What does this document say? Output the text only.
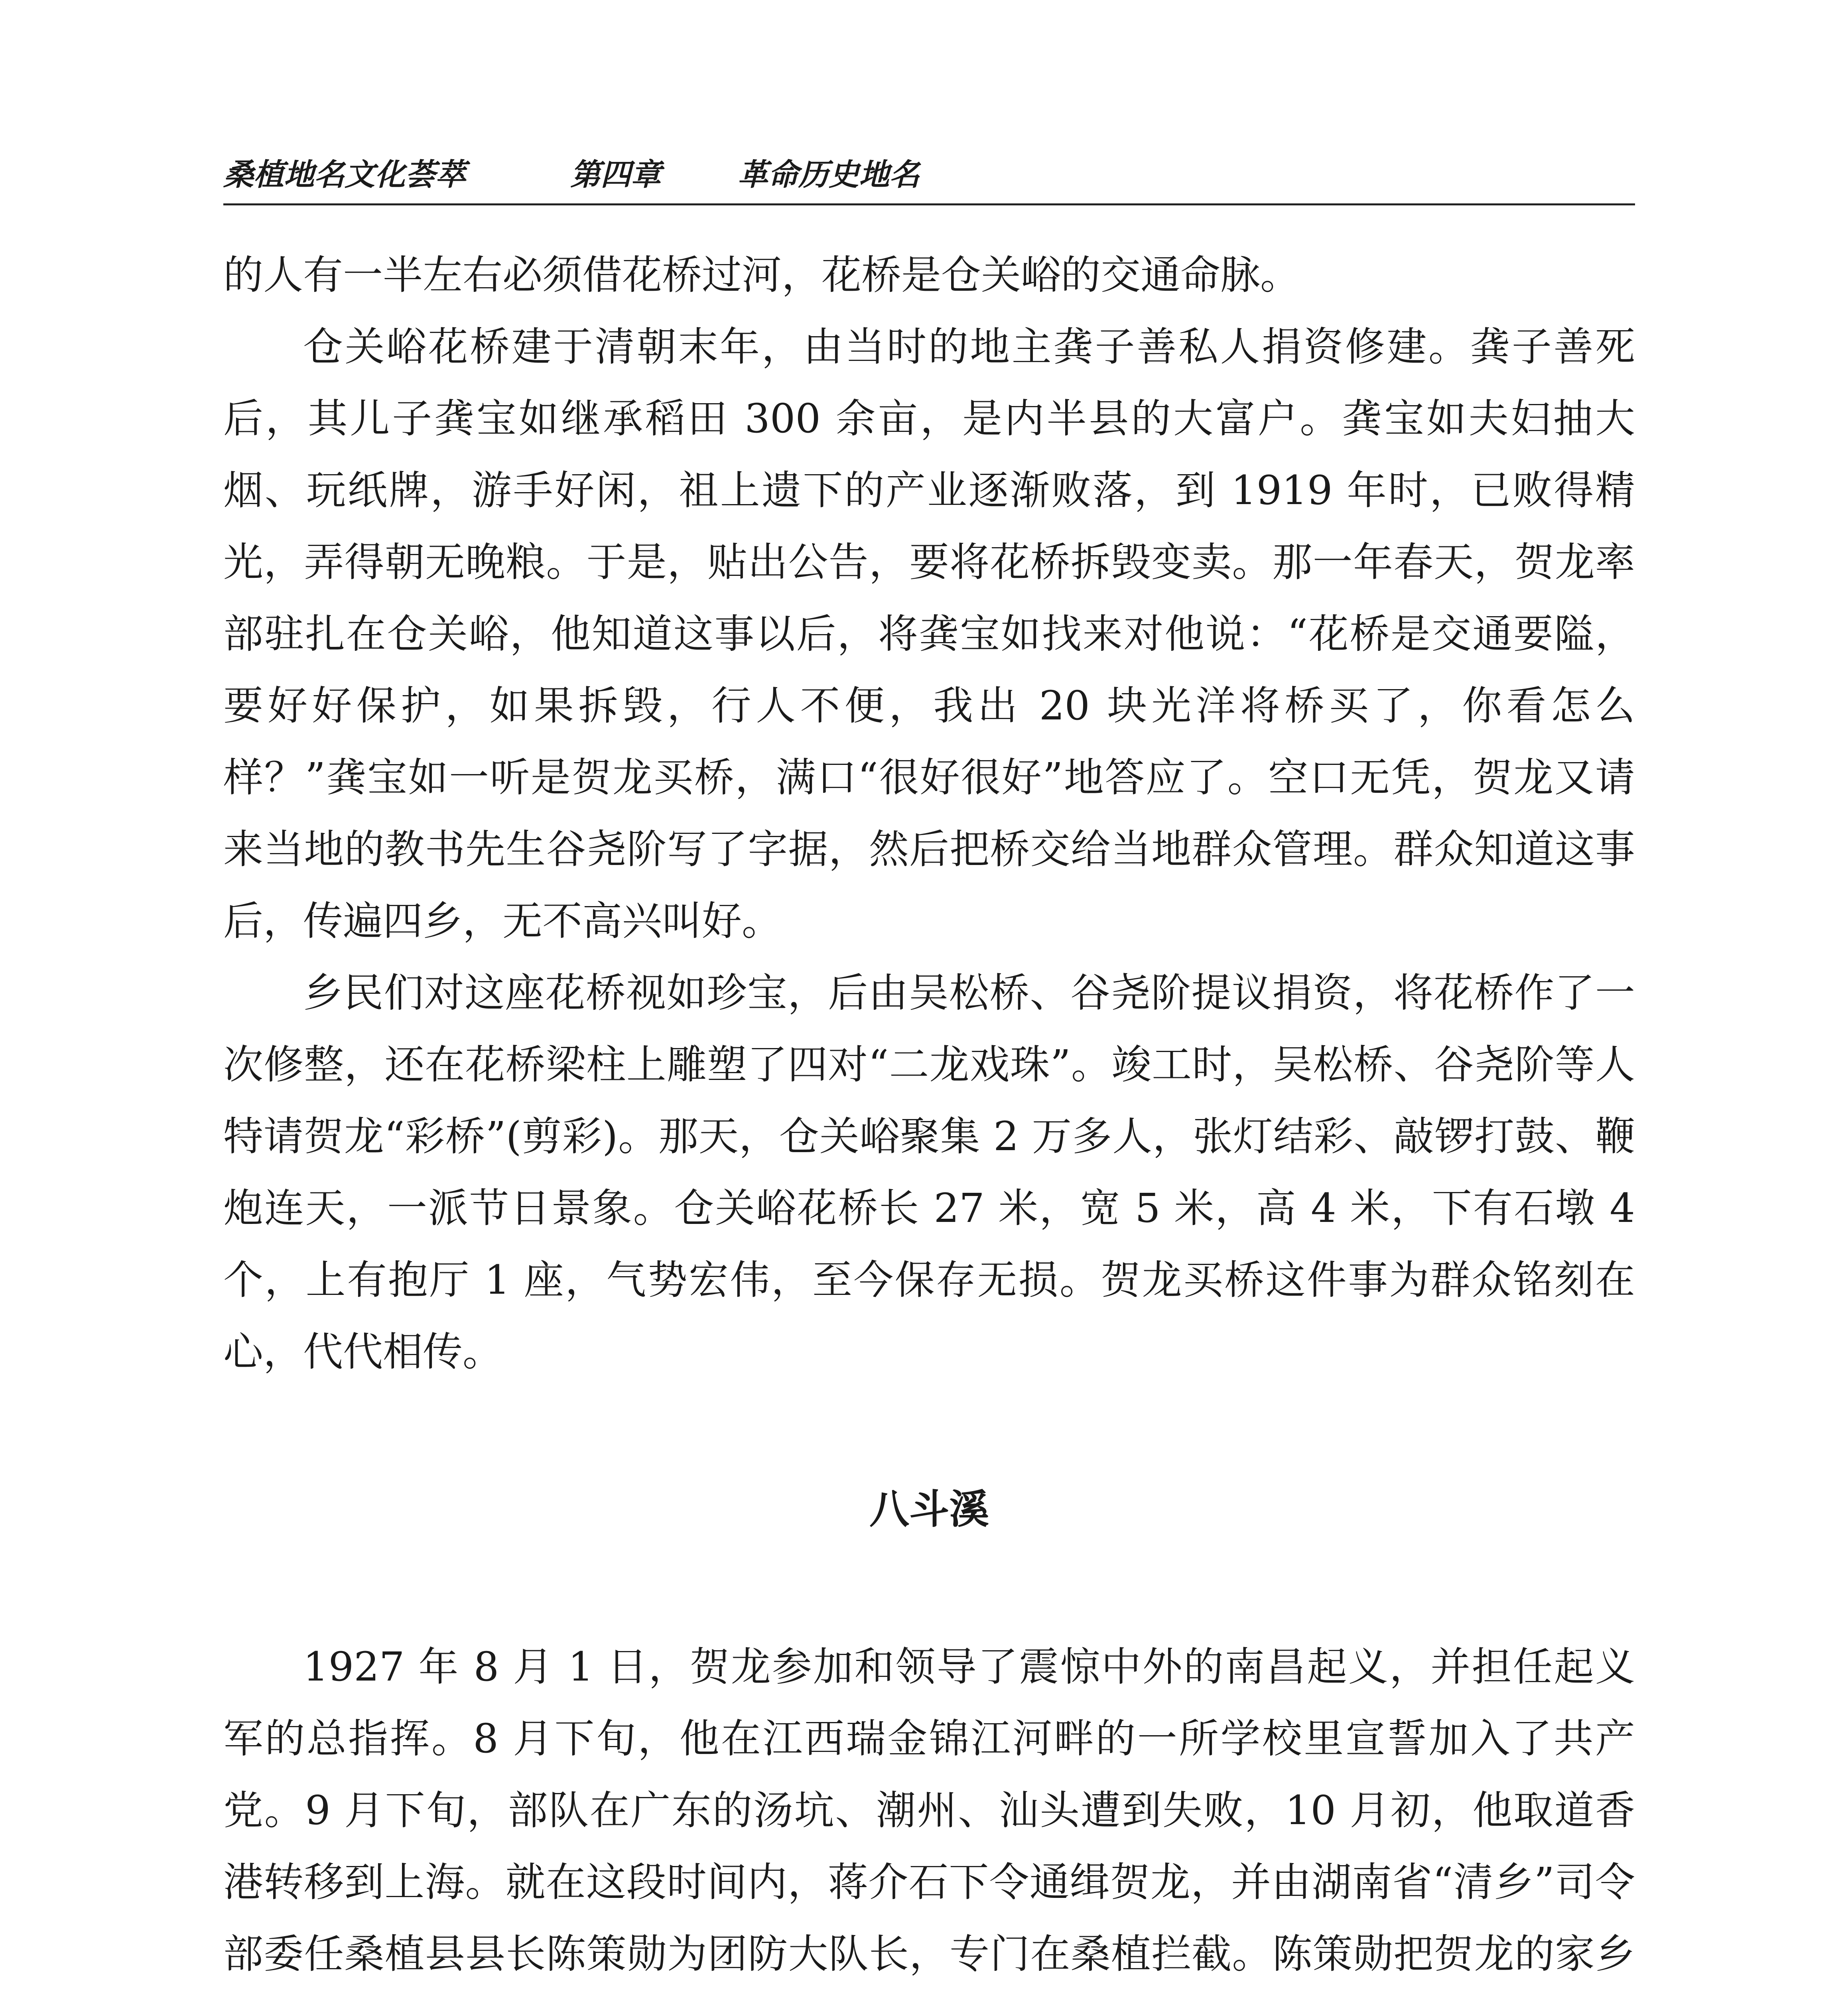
桑植地名文化荟萃	第四章	革命历史地名

的人有一半左右必须借花桥过河，花桥是仓关峪的交通命脉。

仓关峪花桥建于清朝末年，由当时的地主龚子善私人捐资修建。龚子善死后，其儿子龚宝如继承稻田 300 余亩，是内半县的大富户。龚宝如夫妇抽大烟、玩纸牌，游手好闲，祖上遗下的产业逐渐败落，到 1919 年时，已败得精光，弄得朝无晚粮。于是，贴出公告，要将花桥拆毁变卖。那一年春天，贺龙率部驻扎在仓关峪，他知道这事以后，将龚宝如找来对他说：“花桥是交通要隘，要好好保护，如果拆毁，行人不便，我出 20 块光洋将桥买了，你看怎么样？”龚宝如一听是贺龙买桥，满口“很好很好”地答应了。空口无凭，贺龙又请来当地的教书先生谷尧阶写了字据，然后把桥交给当地群众管理。群众知道这事后，传遍四乡，无不高兴叫好。

乡民们对这座花桥视如珍宝，后由吴松桥、谷尧阶提议捐资，将花桥作了一次修整，还在花桥梁柱上雕塑了四对“二龙戏珠”。竣工时，吴松桥、谷尧阶等人特请贺龙“彩桥”(剪彩)。那天，仓关峪聚集 2 万多人，张灯结彩、敲锣打鼓、鞭炮连天，一派节日景象。仓关峪花桥长 27 米，宽 5 米，高 4 米，下有石墩 4 个，上有抱厅 1 座，气势宏伟，至今保存无损。贺龙买桥这件事为群众铭刻在心，代代相传。

八斗溪

1927 年 8 月 1 日，贺龙参加和领导了震惊中外的南昌起义，并担任起义军的总指挥。8 月下旬，他在江西瑞金锦江河畔的一所学校里宣誓加入了共产党。9 月下旬，部队在广东的汤坑、潮州、汕头遭到失败，10 月初，他取道香港转移到上海。就在这段时间内，蒋介石下令通缉贺龙，并由湖南省“清乡”司令部委任桑植县县长陈策勋为团防大队长，专门在桑植拦截。陈策勋把贺龙的家乡
